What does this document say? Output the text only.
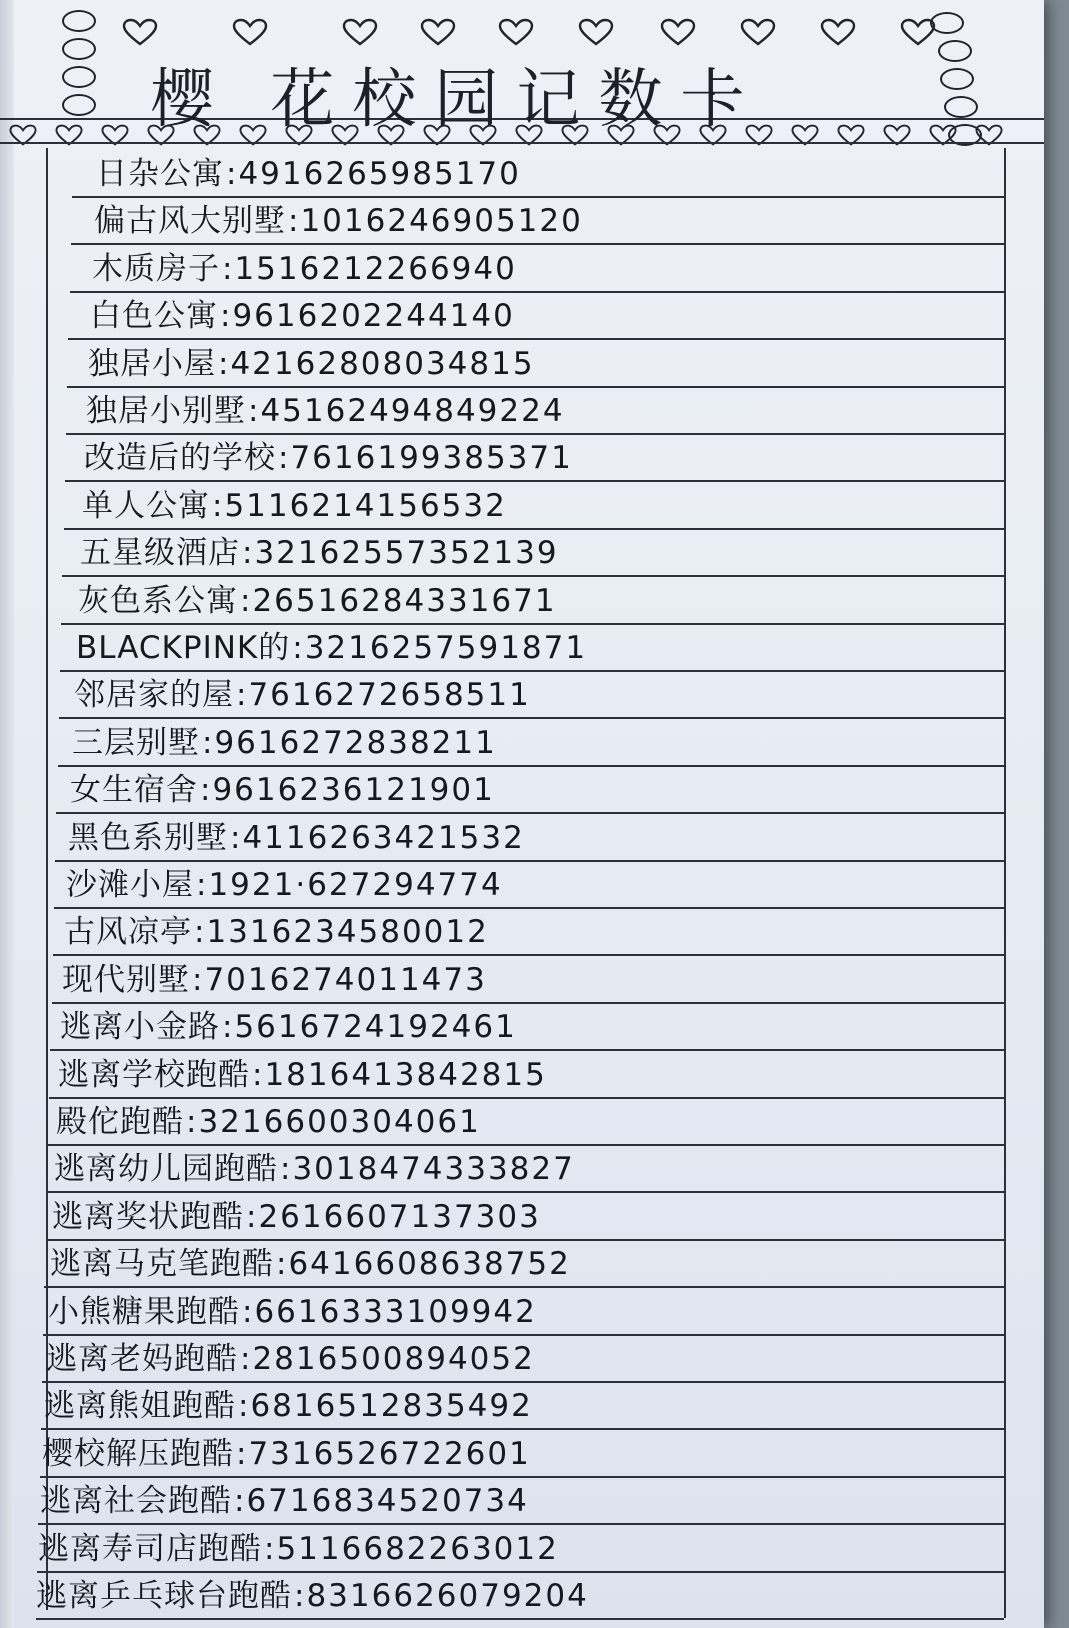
樱 花校园记数卡
日杂公寓:4916265985170
偏古风大别墅:1016246905120
木质房子:1516212266940
白色公寓:9616202244140
独居小屋:42162808034815
独居小别墅:45162494849224
改造后的学校:7616199385371
单人公寓:5116214156532
五星级酒店:32162557352139
灰色系公寓:26516284331671
BLACKPINK的:3216257591871
邻居家的屋:7616272658511
三层别墅:9616272838211
女生宿舍:9616236121901
黑色系别墅:4116263421532
沙滩小屋:1921·627294774
古风凉亭:1316234580012
现代别墅:7016274011473
逃离小金路:5616724192461
逃离学校跑酷:1816413842815
殿佗跑酷:3216600304061
逃离幼儿园跑酷:3018474333827
逃离奖状跑酷:2616607137303
逃离马克笔跑酷:6416608638752
小熊糖果跑酷:6616333109942
逃离老妈跑酷:2816500894052
逃离熊姐跑酷:6816512835492
樱校解压跑酷:7316526722601
逃离社会跑酷:6716834520734
逃离寿司店跑酷:5116682263012
逃离乒乓球台跑酷:8316626079204
